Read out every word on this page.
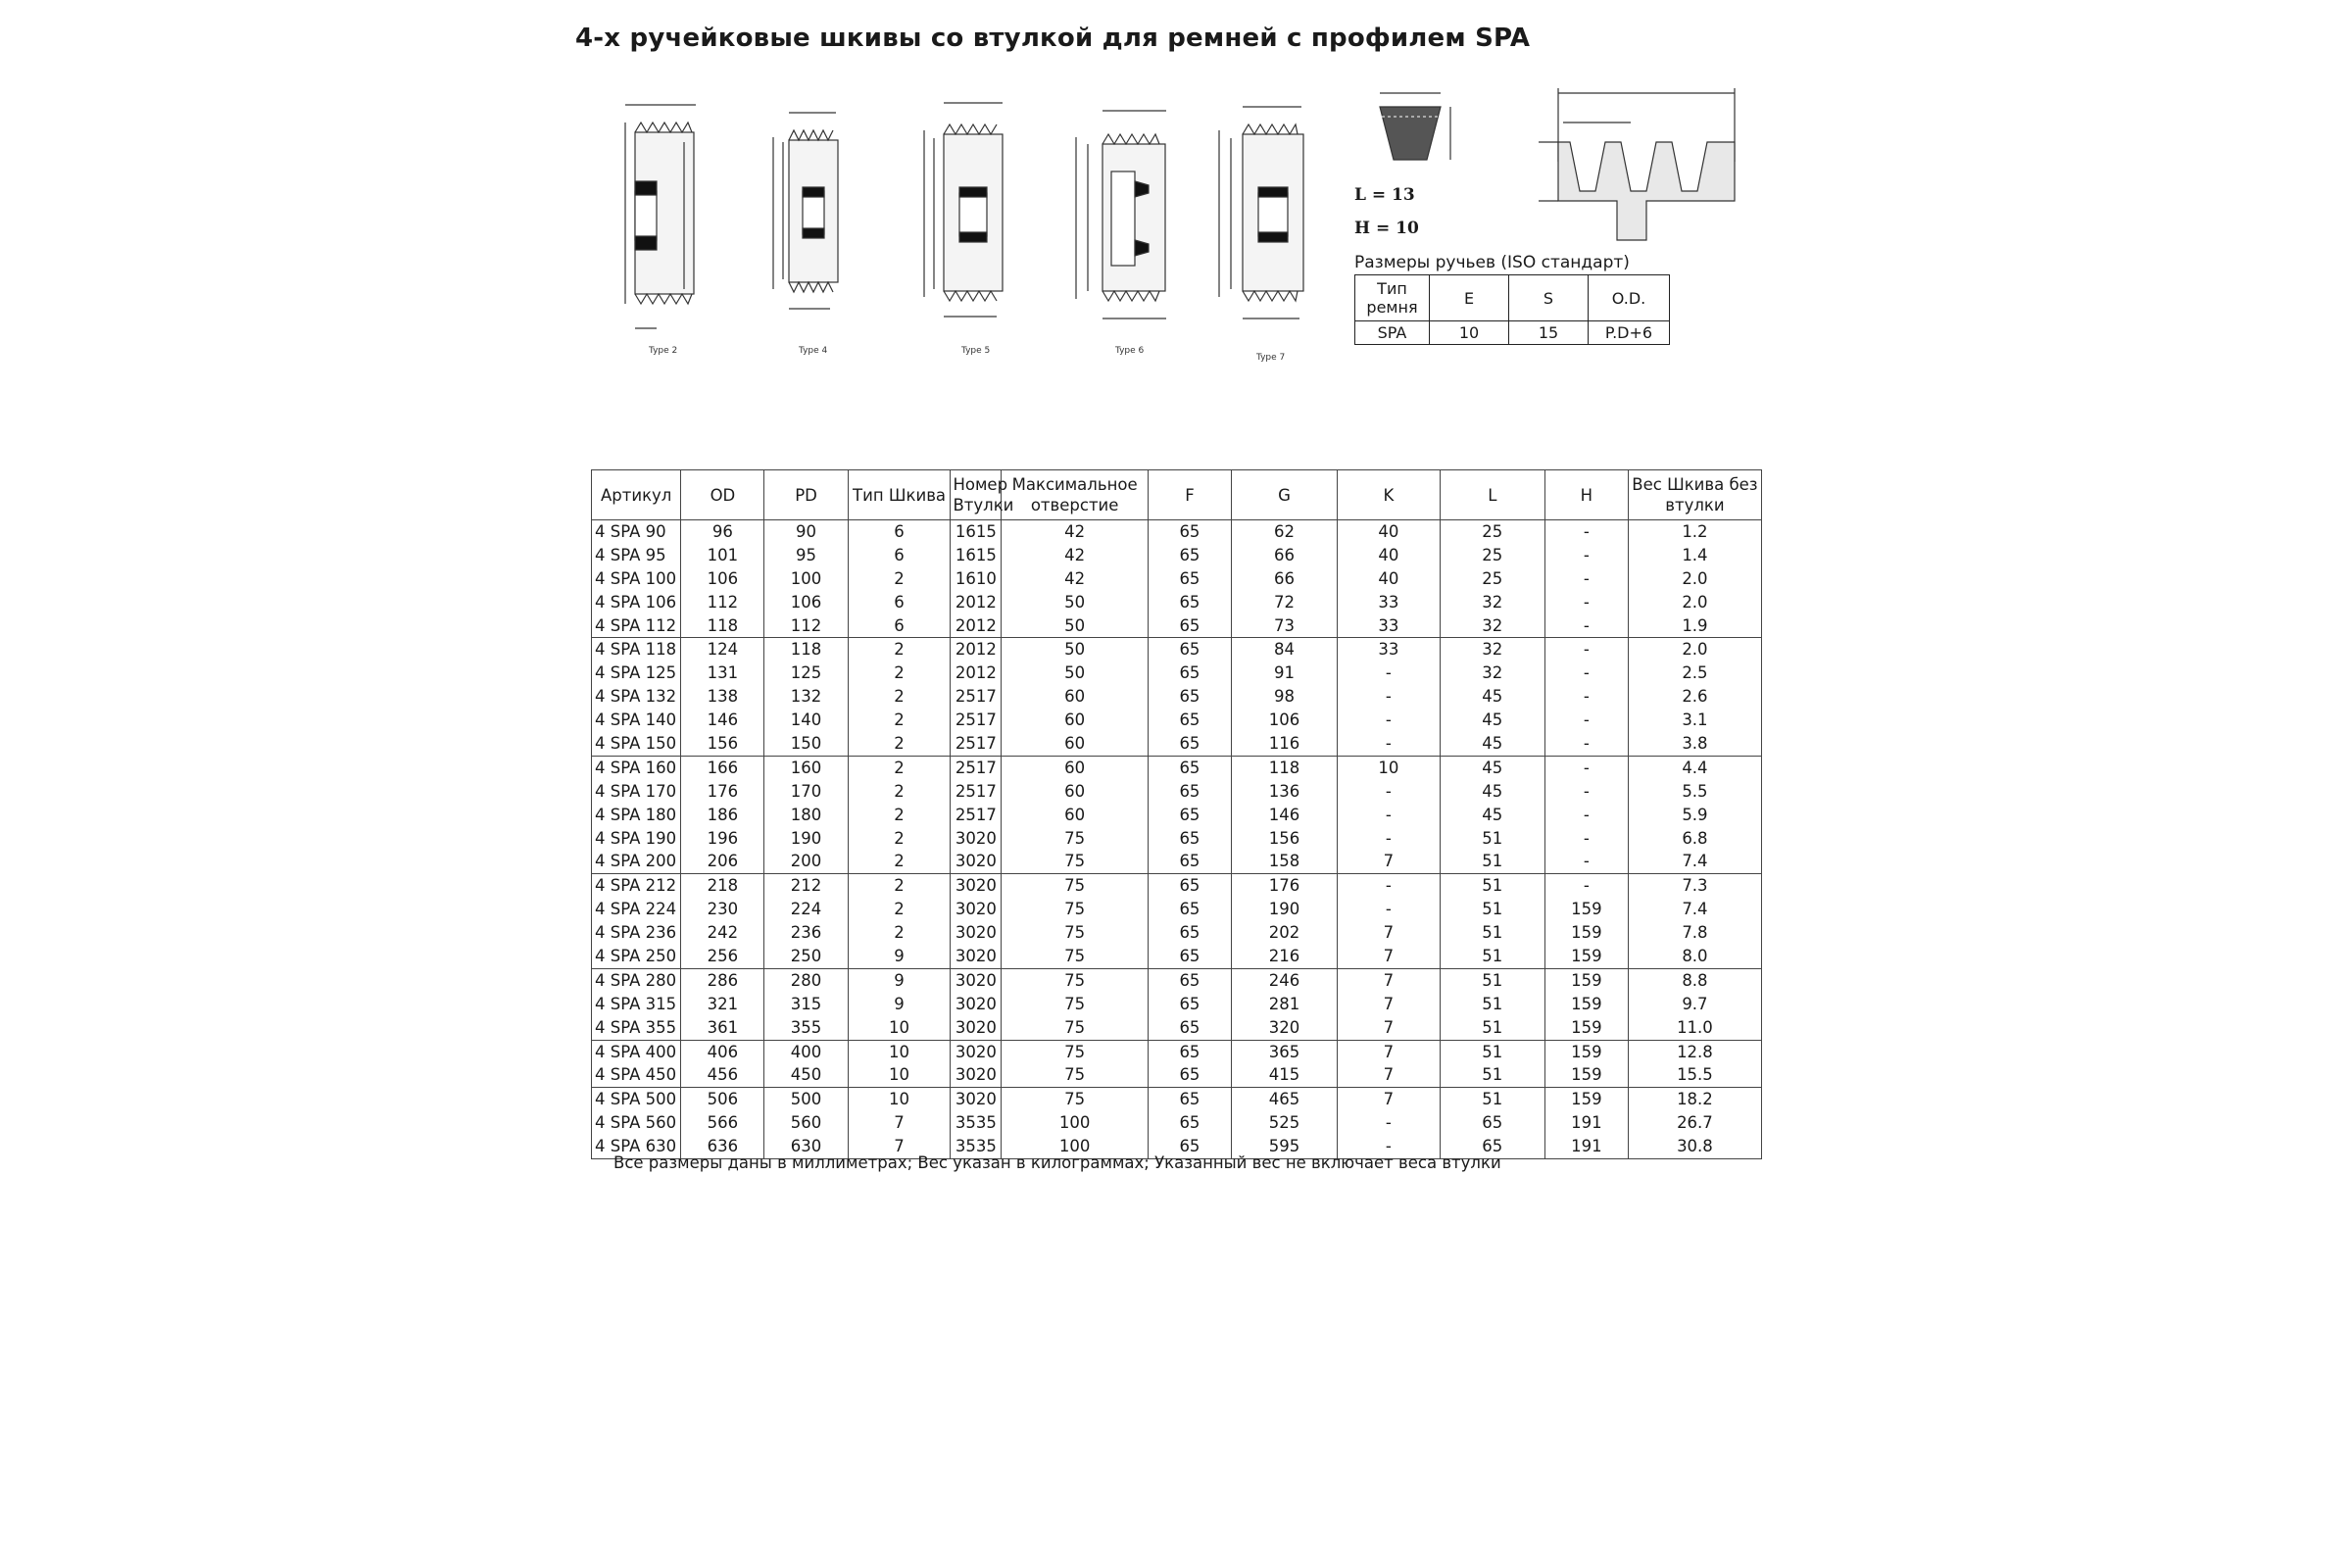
4-х ручейковые шкивы со втулкой для ремней с профилем SPA
Type 2	Type 4	Type 5	Type 6
Type 7
L = 13
H = 10
Размеры ручьев (ISO стандарт)
Тип ремня	E	S	O.D.
SPA	10	15	P.D+6
Артикул	OD	PD	Тип Шкива	Номер Втулки	Максимальное отверстие	F	G	K	L	H	Вес Шкива без втулки
4 SPA 90	96	90	6	1615	42	65	62	40	25	-	1.2
4 SPA 95	101	95	6	1615	42	65	66	40	25	-	1.4
4 SPA 100	106	100	2	1610	42	65	66	40	25	-	2.0
4 SPA 106	112	106	6	2012	50	65	72	33	32	-	2.0
4 SPA 112	118	112	6	2012	50	65	73	33	32	-	1.9
4 SPA 118	124	118	2	2012	50	65	84	33	32	-	2.0
4 SPA 125	131	125	2	2012	50	65	91	-	32	-	2.5
4 SPA 132	138	132	2	2517	60	65	98	-	45	-	2.6
4 SPA 140	146	140	2	2517	60	65	106	-	45	-	3.1
4 SPA 150	156	150	2	2517	60	65	116	-	45	-	3.8
4 SPA 160	166	160	2	2517	60	65	118	10	45	-	4.4
4 SPA 170	176	170	2	2517	60	65	136	-	45	-	5.5
4 SPA 180	186	180	2	2517	60	65	146	-	45	-	5.9
4 SPA 190	196	190	2	3020	75	65	156	-	51	-	6.8
4 SPA 200	206	200	2	3020	75	65	158	7	51	-	7.4
4 SPA 212	218	212	2	3020	75	65	176	-	51	-	7.3
4 SPA 224	230	224	2	3020	75	65	190	-	51	159	7.4
4 SPA 236	242	236	2	3020	75	65	202	7	51	159	7.8
4 SPA 250	256	250	9	3020	75	65	216	7	51	159	8.0
4 SPA 280	286	280	9	3020	75	65	246	7	51	159	8.8
4 SPA 315	321	315	9	3020	75	65	281	7	51	159	9.7
4 SPA 355	361	355	10	3020	75	65	320	7	51	159	11.0
4 SPA 400	406	400	10	3020	75	65	365	7	51	159	12.8
4 SPA 450	456	450	10	3020	75	65	415	7	51	159	15.5
4 SPA 500	506	500	10	3020	75	65	465	7	51	159	18.2
4 SPA 560	566	560	7	3535	100	65	525	-	65	191	26.7
4 SPA 630	636	630	7	3535	100	65	595	-	65	191	30.8
Все размеры даны в миллиметрах; Вес указан в килограммах; Указанный вес не включает веса втулки
